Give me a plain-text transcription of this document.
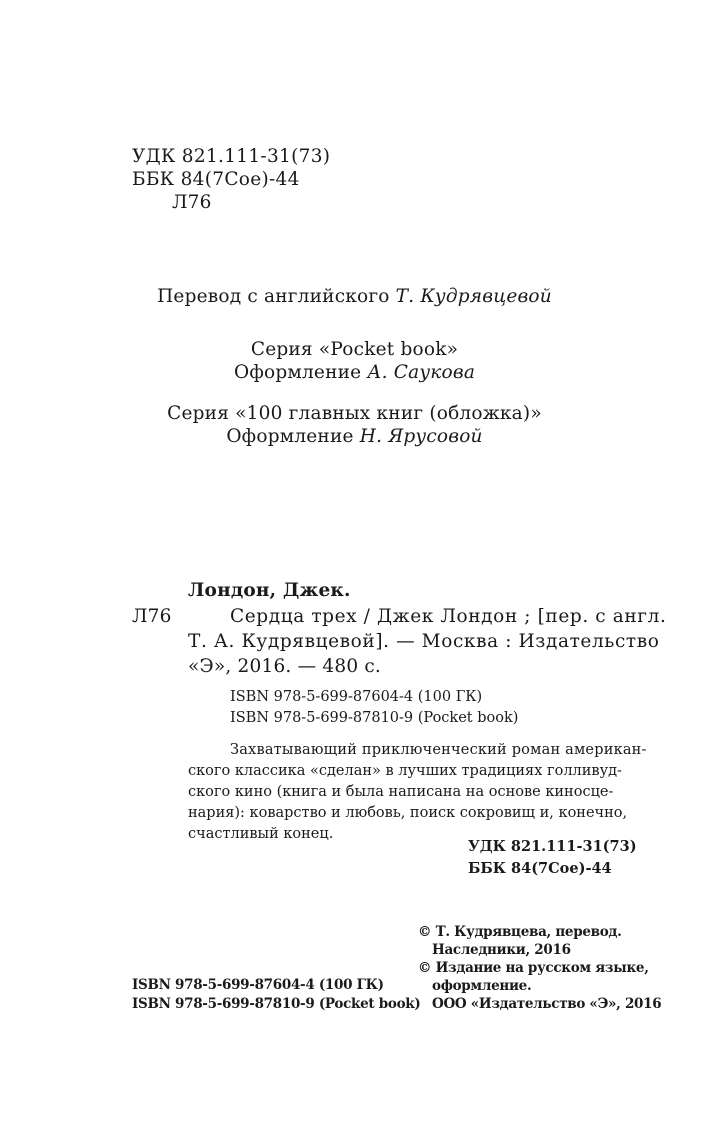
УДК 821.111-31(73)
ББК 84(7Сое)-44
Л76
Перевод с английского Т. Кудрявцевой
Серия «Pocket book»
Оформление А. Саукова
Серия «100 главных книг (обложка)»
Оформление Н. Ярусовой
Лондон, Джек.
Л76	Сердца трех / Джек Лондон ; [пер. с англ.
Т. А. Кудрявцевой]. — Москва : Издательство
«Э», 2016. — 480 с.
ISBN 978-5-699-87604-4 (100 ГК)
ISBN 978-5-699-87810-9 (Pocket book)
Захватывающий приключенческий роман американ-
ского классика «сделан» в лучших традициях голливуд-
ского кино (книга и была написана на основе киносце-
нария): коварство и любовь, поиск сокровищ и, конечно,
счастливый конец.
УДК 821.111-31(73)
ББК 84(7Сое)-44
© Т. Кудрявцева, перевод.
Наследники, 2016
© Издание на русском языке,
оформление.
ООО «Издательство «Э», 2016
ISBN 978-5-699-87604-4 (100 ГК)
ISBN 978-5-699-87810-9 (Pocket book)
